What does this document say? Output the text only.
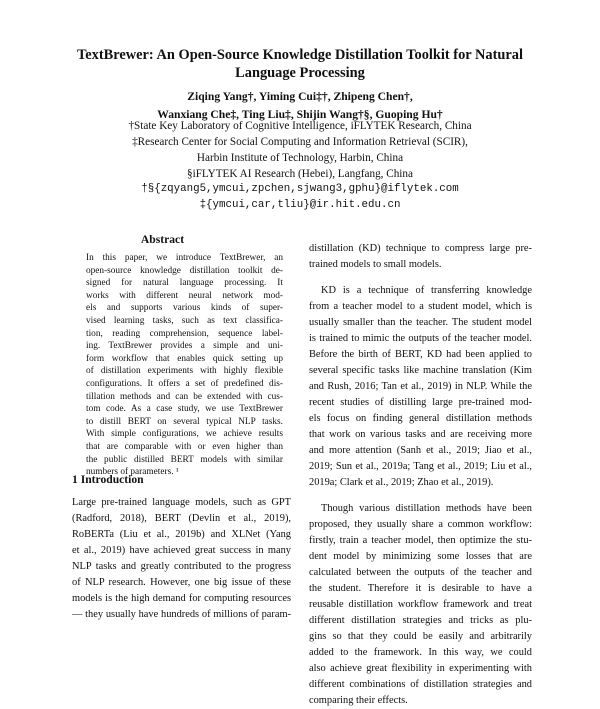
TextBrewer: An Open-Source Knowledge Distillation Toolkit for Natural
Language Processing
Ziqing Yang†, Yiming Cui‡†, Zhipeng Chen†,
Wanxiang Che‡, Ting Liu‡, Shijin Wang†§, Guoping Hu†
†State Key Laboratory of Cognitive Intelligence, iFLYTEK Research, China
‡Research Center for Social Computing and Information Retrieval (SCIR),
Harbin Institute of Technology, Harbin, China
§iFLYTEK AI Research (Hebei), Langfang, China
†§{zqyang5,ymcui,zpchen,sjwang3,gphu}@iflytek.com
‡{ymcui,car,tliu}@ir.hit.edu.cn
Abstract
In this paper, we introduce TextBrewer, an
open-source knowledge distillation toolkit de-
signed for natural language processing. It
works with different neural network mod-
els and supports various kinds of super-
vised learning tasks, such as text classifica-
tion, reading comprehension, sequence label-
ing. TextBrewer provides a simple and uni-
form workflow that enables quick setting up
of distillation experiments with highly flexible
configurations. It offers a set of predefined dis-
tillation methods and can be extended with cus-
tom code. As a case study, we use TextBrewer
to distill BERT on several typical NLP tasks.
With simple configurations, we achieve results
that are comparable with or even higher than
the public distilled BERT models with similar
numbers of parameters. ¹
1 Introduction
Large pre-trained language models, such as GPT
(Radford, 2018), BERT (Devlin et al., 2019),
RoBERTa (Liu et al., 2019b) and XLNet (Yang
et al., 2019) have achieved great success in many
NLP tasks and greatly contributed to the progress
of NLP research. However, one big issue of these
models is the high demand for computing resources
— they usually have hundreds of millions of param-
distillation (KD) technique to compress large pre-
trained models to small models.
KD is a technique of transferring knowledge
from a teacher model to a student model, which is
usually smaller than the teacher. The student model
is trained to mimic the outputs of the teacher model.
Before the birth of BERT, KD had been applied to
several specific tasks like machine translation (Kim
and Rush, 2016; Tan et al., 2019) in NLP. While the
recent studies of distilling large pre-trained mod-
els focus on finding general distillation methods
that work on various tasks and are receiving more
and more attention (Sanh et al., 2019; Jiao et al.,
2019; Sun et al., 2019a; Tang et al., 2019; Liu et al.,
2019a; Clark et al., 2019; Zhao et al., 2019).
Though various distillation methods have been
proposed, they usually share a common workflow:
firstly, train a teacher model, then optimize the stu-
dent model by minimizing some losses that are
calculated between the outputs of the teacher and
the student. Therefore it is desirable to have a
reusable distillation workflow framework and treat
different distillation strategies and tricks as plu-
gins so that they could be easily and arbitrarily
added to the framework. In this way, we could
also achieve great flexibility in experimenting with
different combinations of distillation strategies and
comparing their effects.
